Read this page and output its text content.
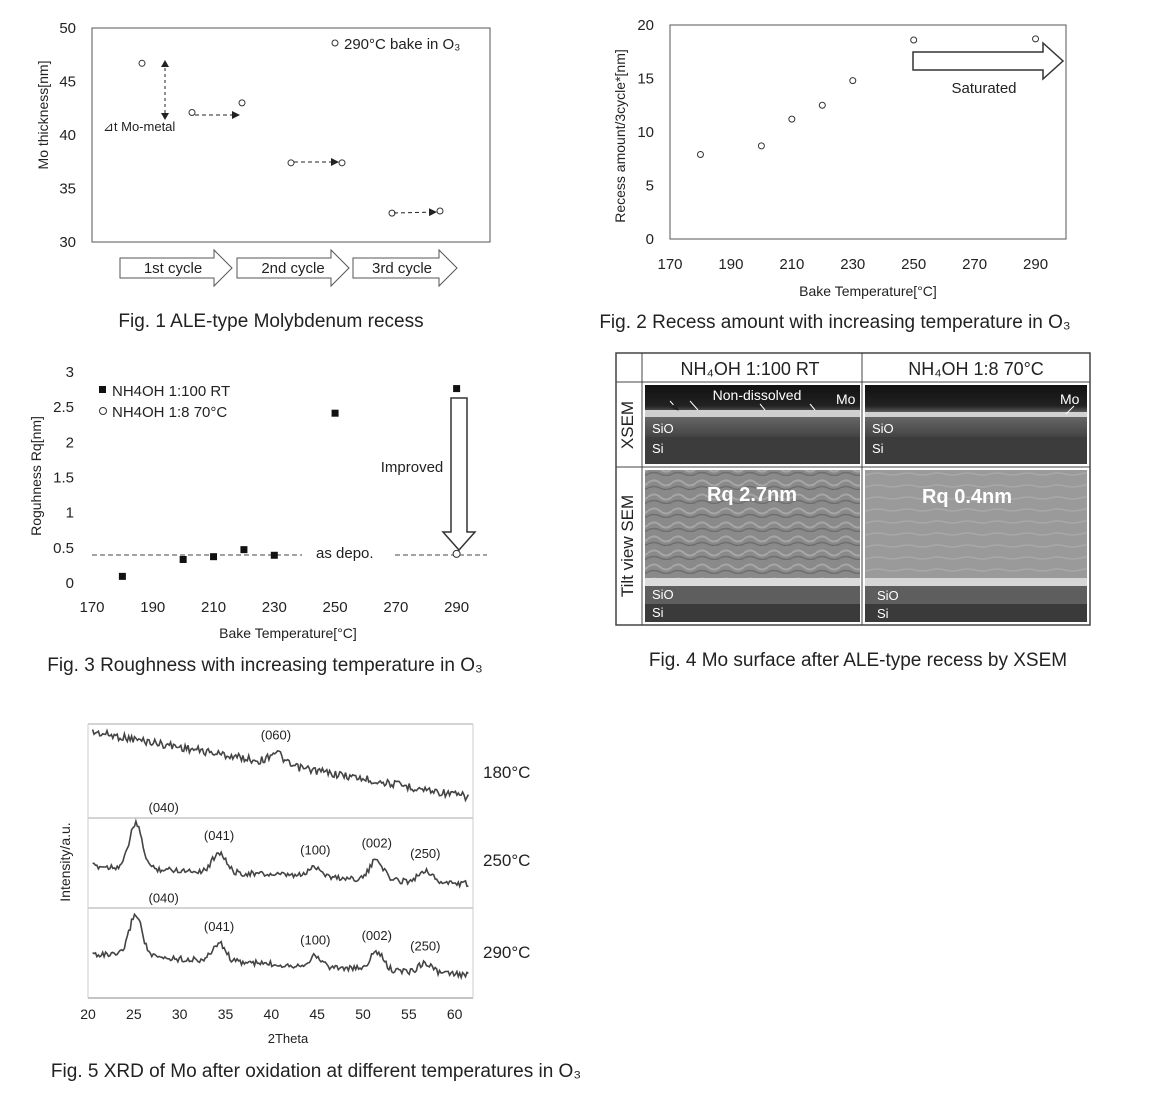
Mo thickness[nm]
30
35
40
45
50
290°C bake in O₃
⊿t Mo-metal
1st cycle	2nd cycle	3rd cycle
Fig. 1 ALE-type Molybdenum recess
Recess amount/3cycle*[nm]
0
5
10
15
20
170 190 210 230 250 270 290
Saturated
Bake Temperature[°C]
Fig. 2 Recess amount with increasing temperature in O₃
Roguhness Rq[nm]
0
0.5
1
1.5
2
2.5
3
170 190 210 230 250 270 290
as depo.
NH4OH 1:100 RT
NH4OH 1:8 70°C
Improved
Bake Temperature[°C]
Fig. 3 Roughness with increasing temperature in O₃
NH₄OH 1:100 RT	NH₄OH 1:8 70°C
XSEM
Tilt view SEM
Non-dissolved Mo
SiO
Si
Mo
SiO
Si
Rq 2.7nm
SiO
Si
Rq 0.4nm
SiO
Si
Fig. 4 Mo surface after ALE-type recess by XSEM
(060)
(040)
(041)
(100) (002)
(250)
(040)
(041)
(100) (002)
(250)
20 25 30 35 40 45 50 55 60
180°C
250°C
290°C
Intensity/a.u.
2Theta
Fig. 5 XRD of Mo after oxidation at different temperatures in O₃
